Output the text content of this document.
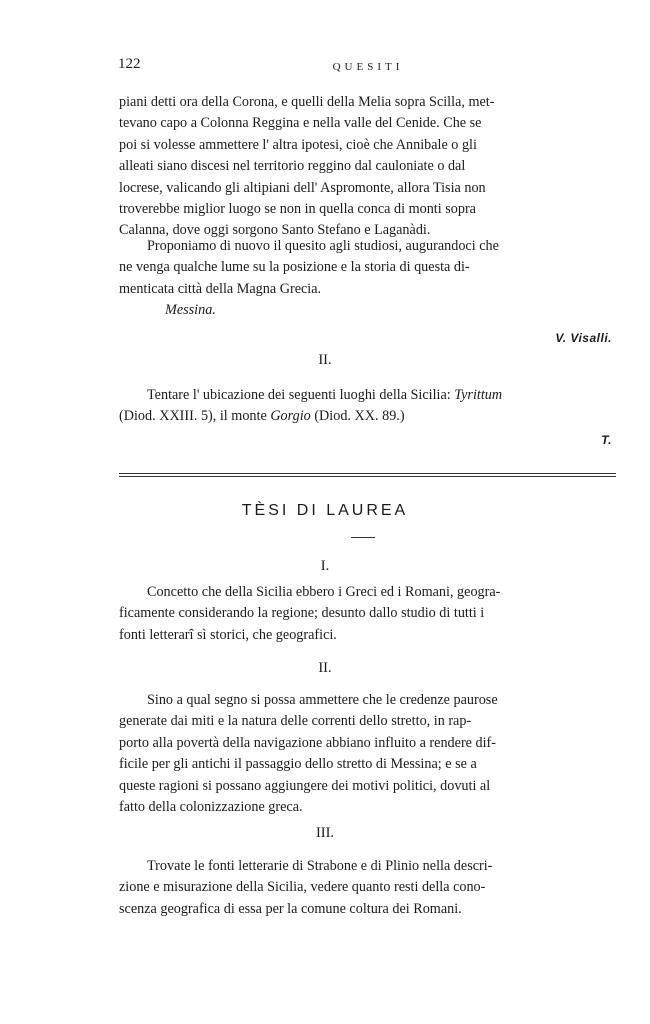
122	QUESITI
piani detti ora della Corona, e quelli della Melia sopra Scilla, met-
tevano capo a Colonna Reggina e nella valle del Cenide. Che se
poi si volesse ammettere l' altra ipotesi, cioè che Annibale o gli
alleati siano discesi nel territorio reggino dal cauloniate o dal
locrese, valicando gli altipiani dell' Aspromonte, allora Tisia non
troverebbe miglior luogo se non in quella conca di monti sopra
Calanna, dove oggi sorgono Santo Stefano e Laganàdi.
Proponiamo di nuovo il quesito agli studiosi, augurandoci che
ne venga qualche lume su la posizione e la storia di questa di-
menticata città della Magna Grecia.
Messina.
V. Visalli.
II.
Tentare l' ubicazione dei seguenti luoghi della Sicilia: Tyrittum
(Diod. XXIII. 5), il monte Gorgio (Diod. XX. 89.)
T.
TÈSI DI LAUREA
I.
Concetto che della Sicilia ebbero i Greci ed i Romani, geogra-
ficamente considerando la regione; desunto dallo studio di tutti i
fonti letterarî sì storici, che geografici.
II.
Sino a qual segno si possa ammettere che le credenze paurose
generate dai miti e la natura delle correnti dello stretto, in rap-
porto alla povertà della navigazione abbiano influito a rendere dif-
ficile per gli antichi il passaggio dello stretto di Messina; e se a
queste ragioni si possano aggiungere dei motivi politici, dovuti al
fatto della colonizzazione greca.
III.
Trovate le fonti letterarie di Strabone e di Plinio nella descri-
zione e misurazione della Sicilia, vedere quanto resti della cono-
scenza geografica di essa per la comune coltura dei Romani.
